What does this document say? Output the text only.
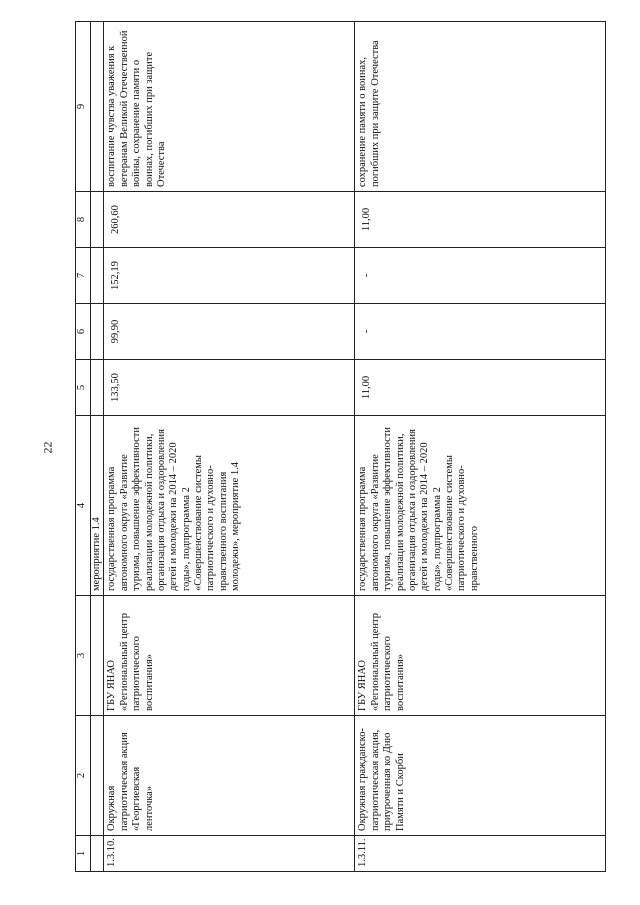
22
1	2	3	4	5	6	7	8	9
			мероприятие 1.4					
1.3.10.	Окружная патриотическая акция «Георгиевская ленточка»	ГБУ ЯНАО «Региональный центр патриотического воспитания»	государственная программа автономного округа «Развитие туризма, повышение эффективности реализации молодежной политики, организация отдыха и оздоровления детей и молодежи на 2014 – 2020 годы», подпрограмма 2 «Совершенствование системы патриотического и духовно-нравственного воспитания молодежи», мероприятие 1.4	133,50	99,90	152,19	260,60	воспитание чувства уважения к ветеранам Великой Отечественной войны, сохранение памяти о воинах, погибших при защите Отечества
1.3.11.	Окружная гражданско-патриотическая акция, приуроченная ко Дню Памяти и Скорби	ГБУ ЯНАО «Региональный центр патриотического воспитания»	государственная программа автономного округа «Развитие туризма, повышение эффективности реализации молодежной политики, организация отдыха и оздоровления детей и молодежи на 2014 – 2020 годы», подпрограмма 2 «Совершенствование системы патриотического и духовно-нравственного	11,00	-	-	11,00	сохранение памяти о воинах, погибших при защите Отечества
